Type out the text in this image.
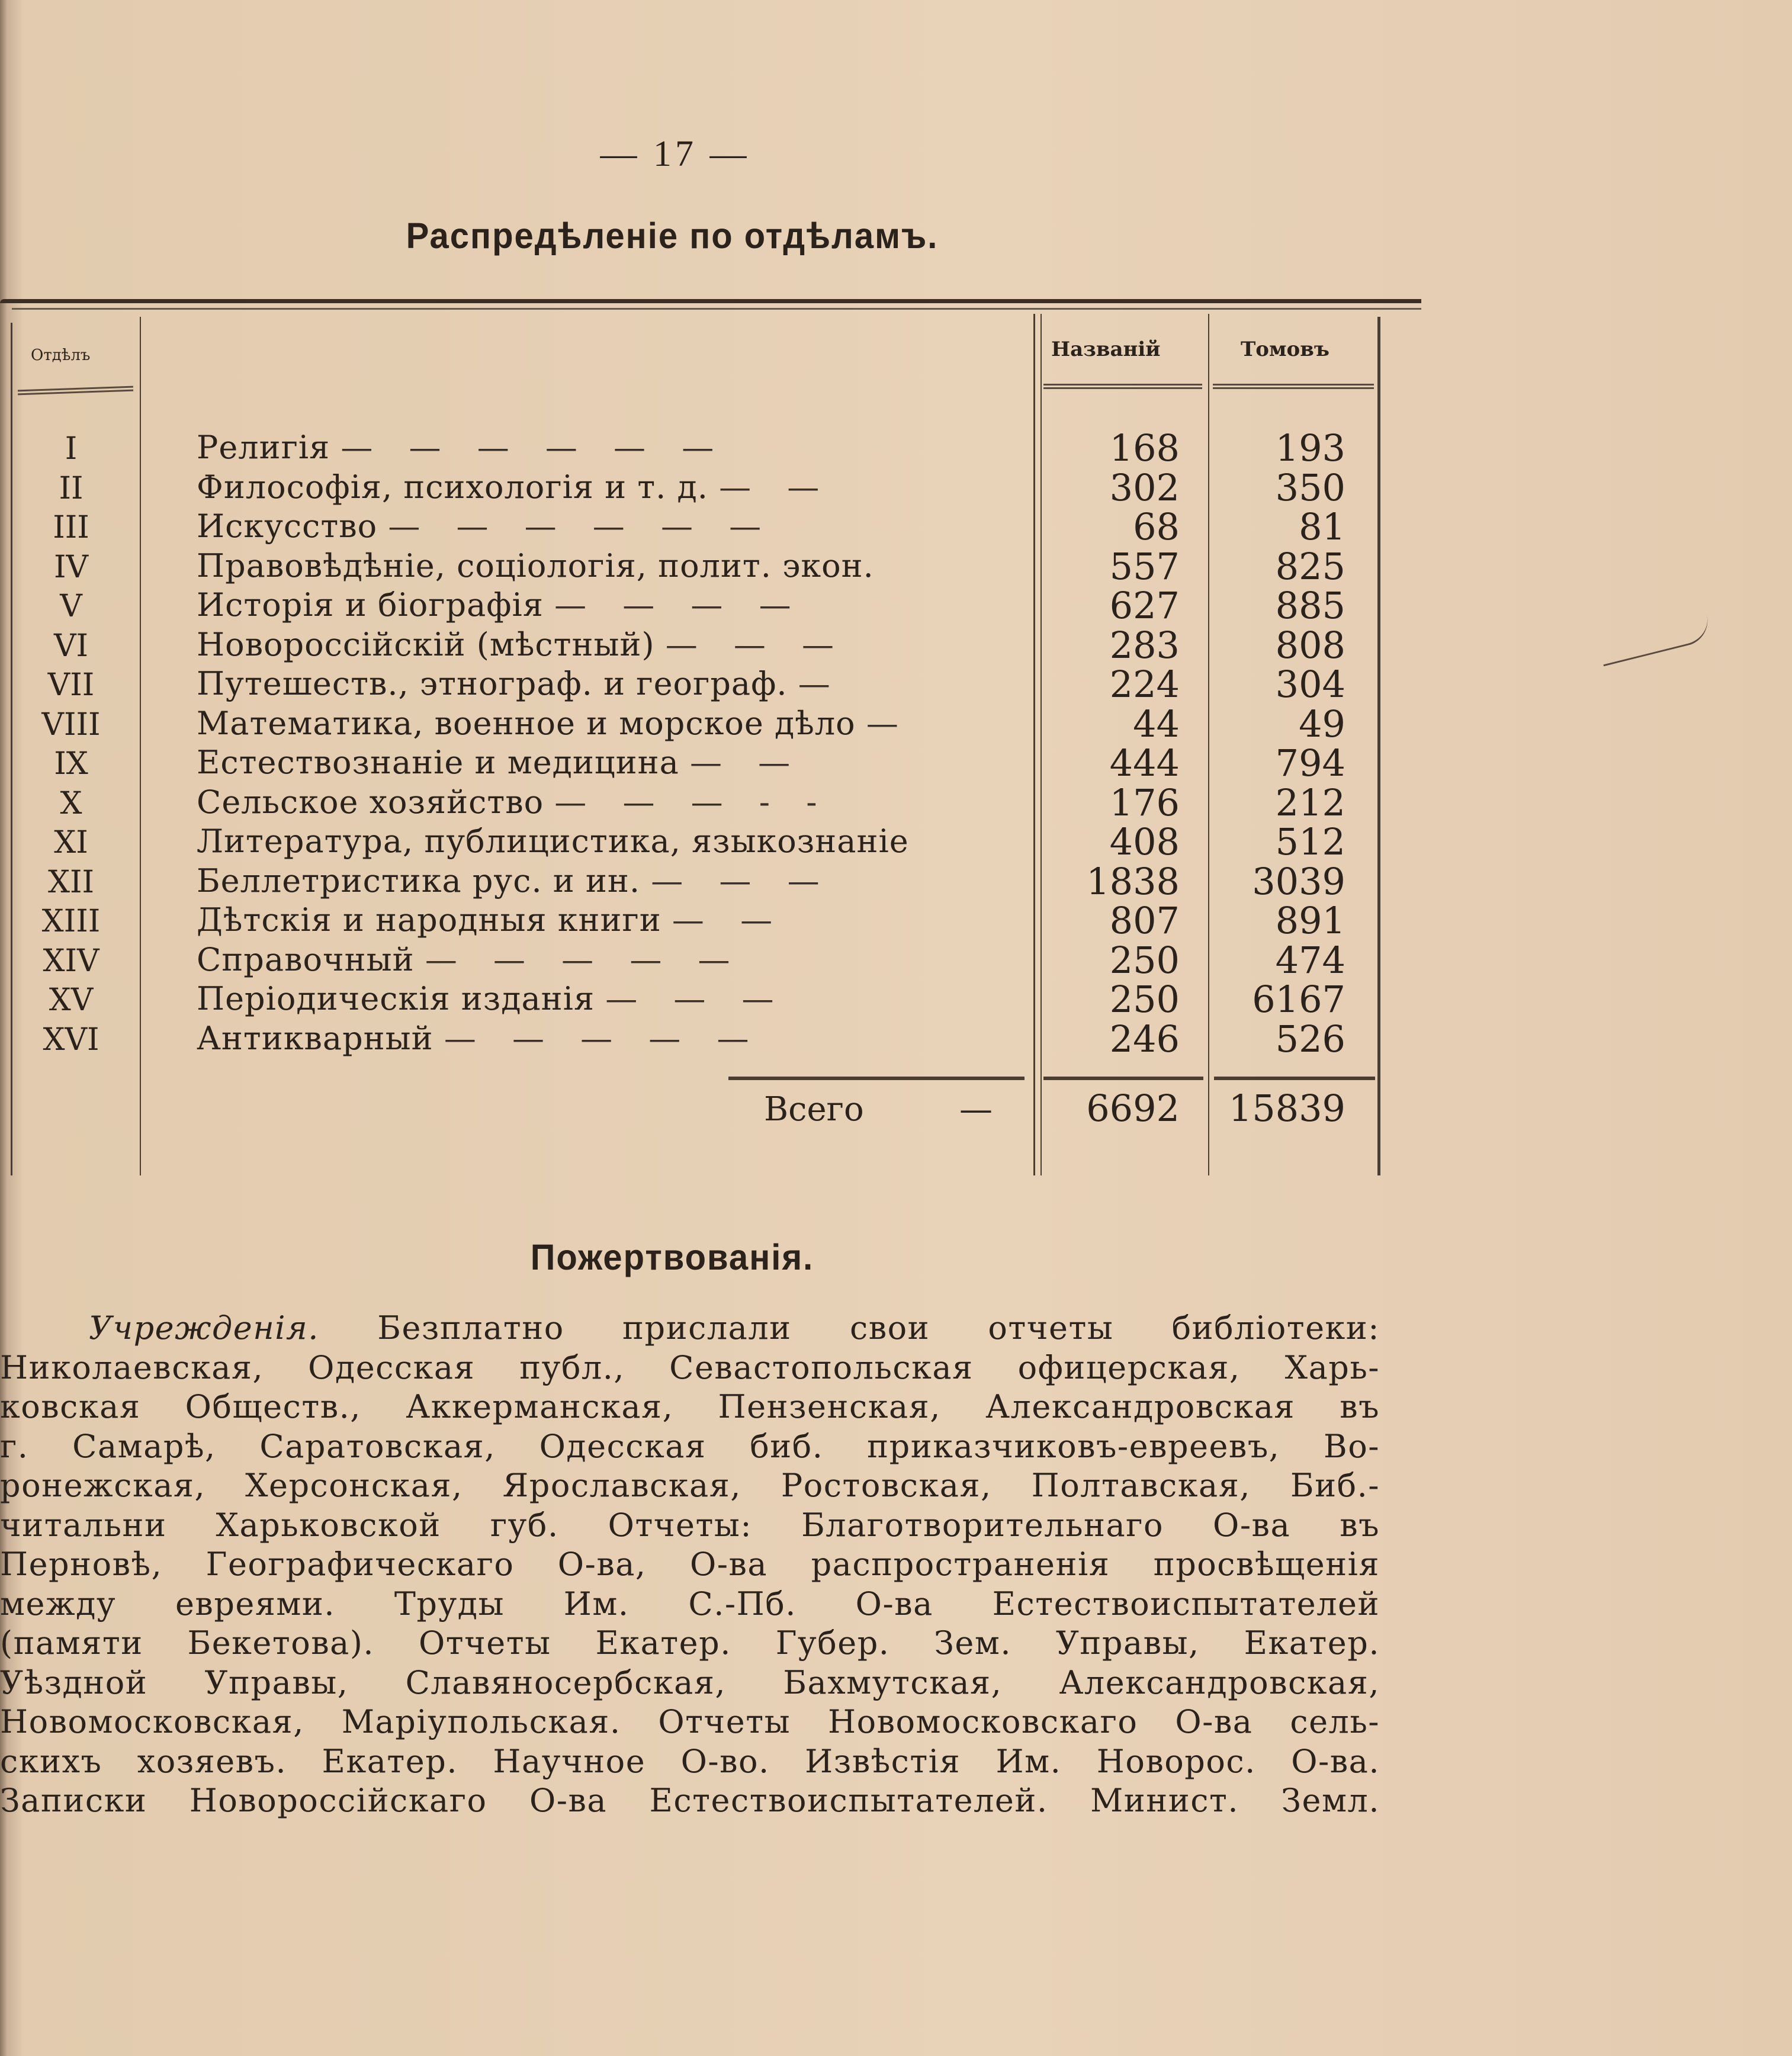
— 17 —
Распредѣленіе по отдѣламъ.
Отдѣлъ	Названій	Томовъ
I	Религія — — — — — —	168	193
II	Философія, психологія и т. д. — —	302	350
III	Искусство — — — — — —	68	81
IV	Правовѣдѣніе, соціологія, полит. экон.	557	825
V	Исторія и біографія — — — —	627	885
VI	Новороссійскій (мѣстный) — — —	283	808
VII	Путешеств., этнограф. и географ. —	224	304
VIII	Математика, военное и морское дѣло —	44	49
IX	Естествознаніе и медицина — —	444	794
X	Сельское хозяйство — — — - -	176	212
XI	Литература, публицистика, языкознаніе	408	512
XII	Беллетристика рус. и ин. — — —	1838	3039
XIII	Дѣтскія и народныя книги — —	807	891
XIV	Справочный — — — — —	250	474
XV	Періодическія изданія — — —	250	6167
XVI	Антикварный — — — — —	246	526
Всего	—	6692 15839
Пожертвованія.
Учрежденія. Безплатно прислали свои отчеты библіотеки:
Николаевская, Одесская публ., Севастопольская офицерская, Харь-
ковская Обществ., Аккерманская, Пензенская, Александровская въ
г. Самарѣ, Саратовская, Одесская биб. приказчиковъ-евреевъ, Во-
ронежская, Херсонская, Ярославская, Ростовская, Полтавская, Биб.-
читальни Харьковской губ. Отчеты: Благотворительнаго О-ва въ
Перновѣ, Географическаго О-ва, О-ва распространенія просвѣщенія
между евреями. Труды Им. С.-Пб. О-ва Естествоиспытателей
(памяти Бекетова). Отчеты Екатер. Губер. Зем. Управы, Екатер.
Уѣздной Управы, Славяносербская, Бахмутская, Александровская,
Новомосковская, Маріупольская. Отчеты Новомосковскаго О-ва сель-
скихъ хозяевъ. Екатер. Научное О-во. Извѣстія Им. Новорос. О-ва.
Записки Новороссійскаго О-ва Естествоиспытателей. Минист. Земл.
